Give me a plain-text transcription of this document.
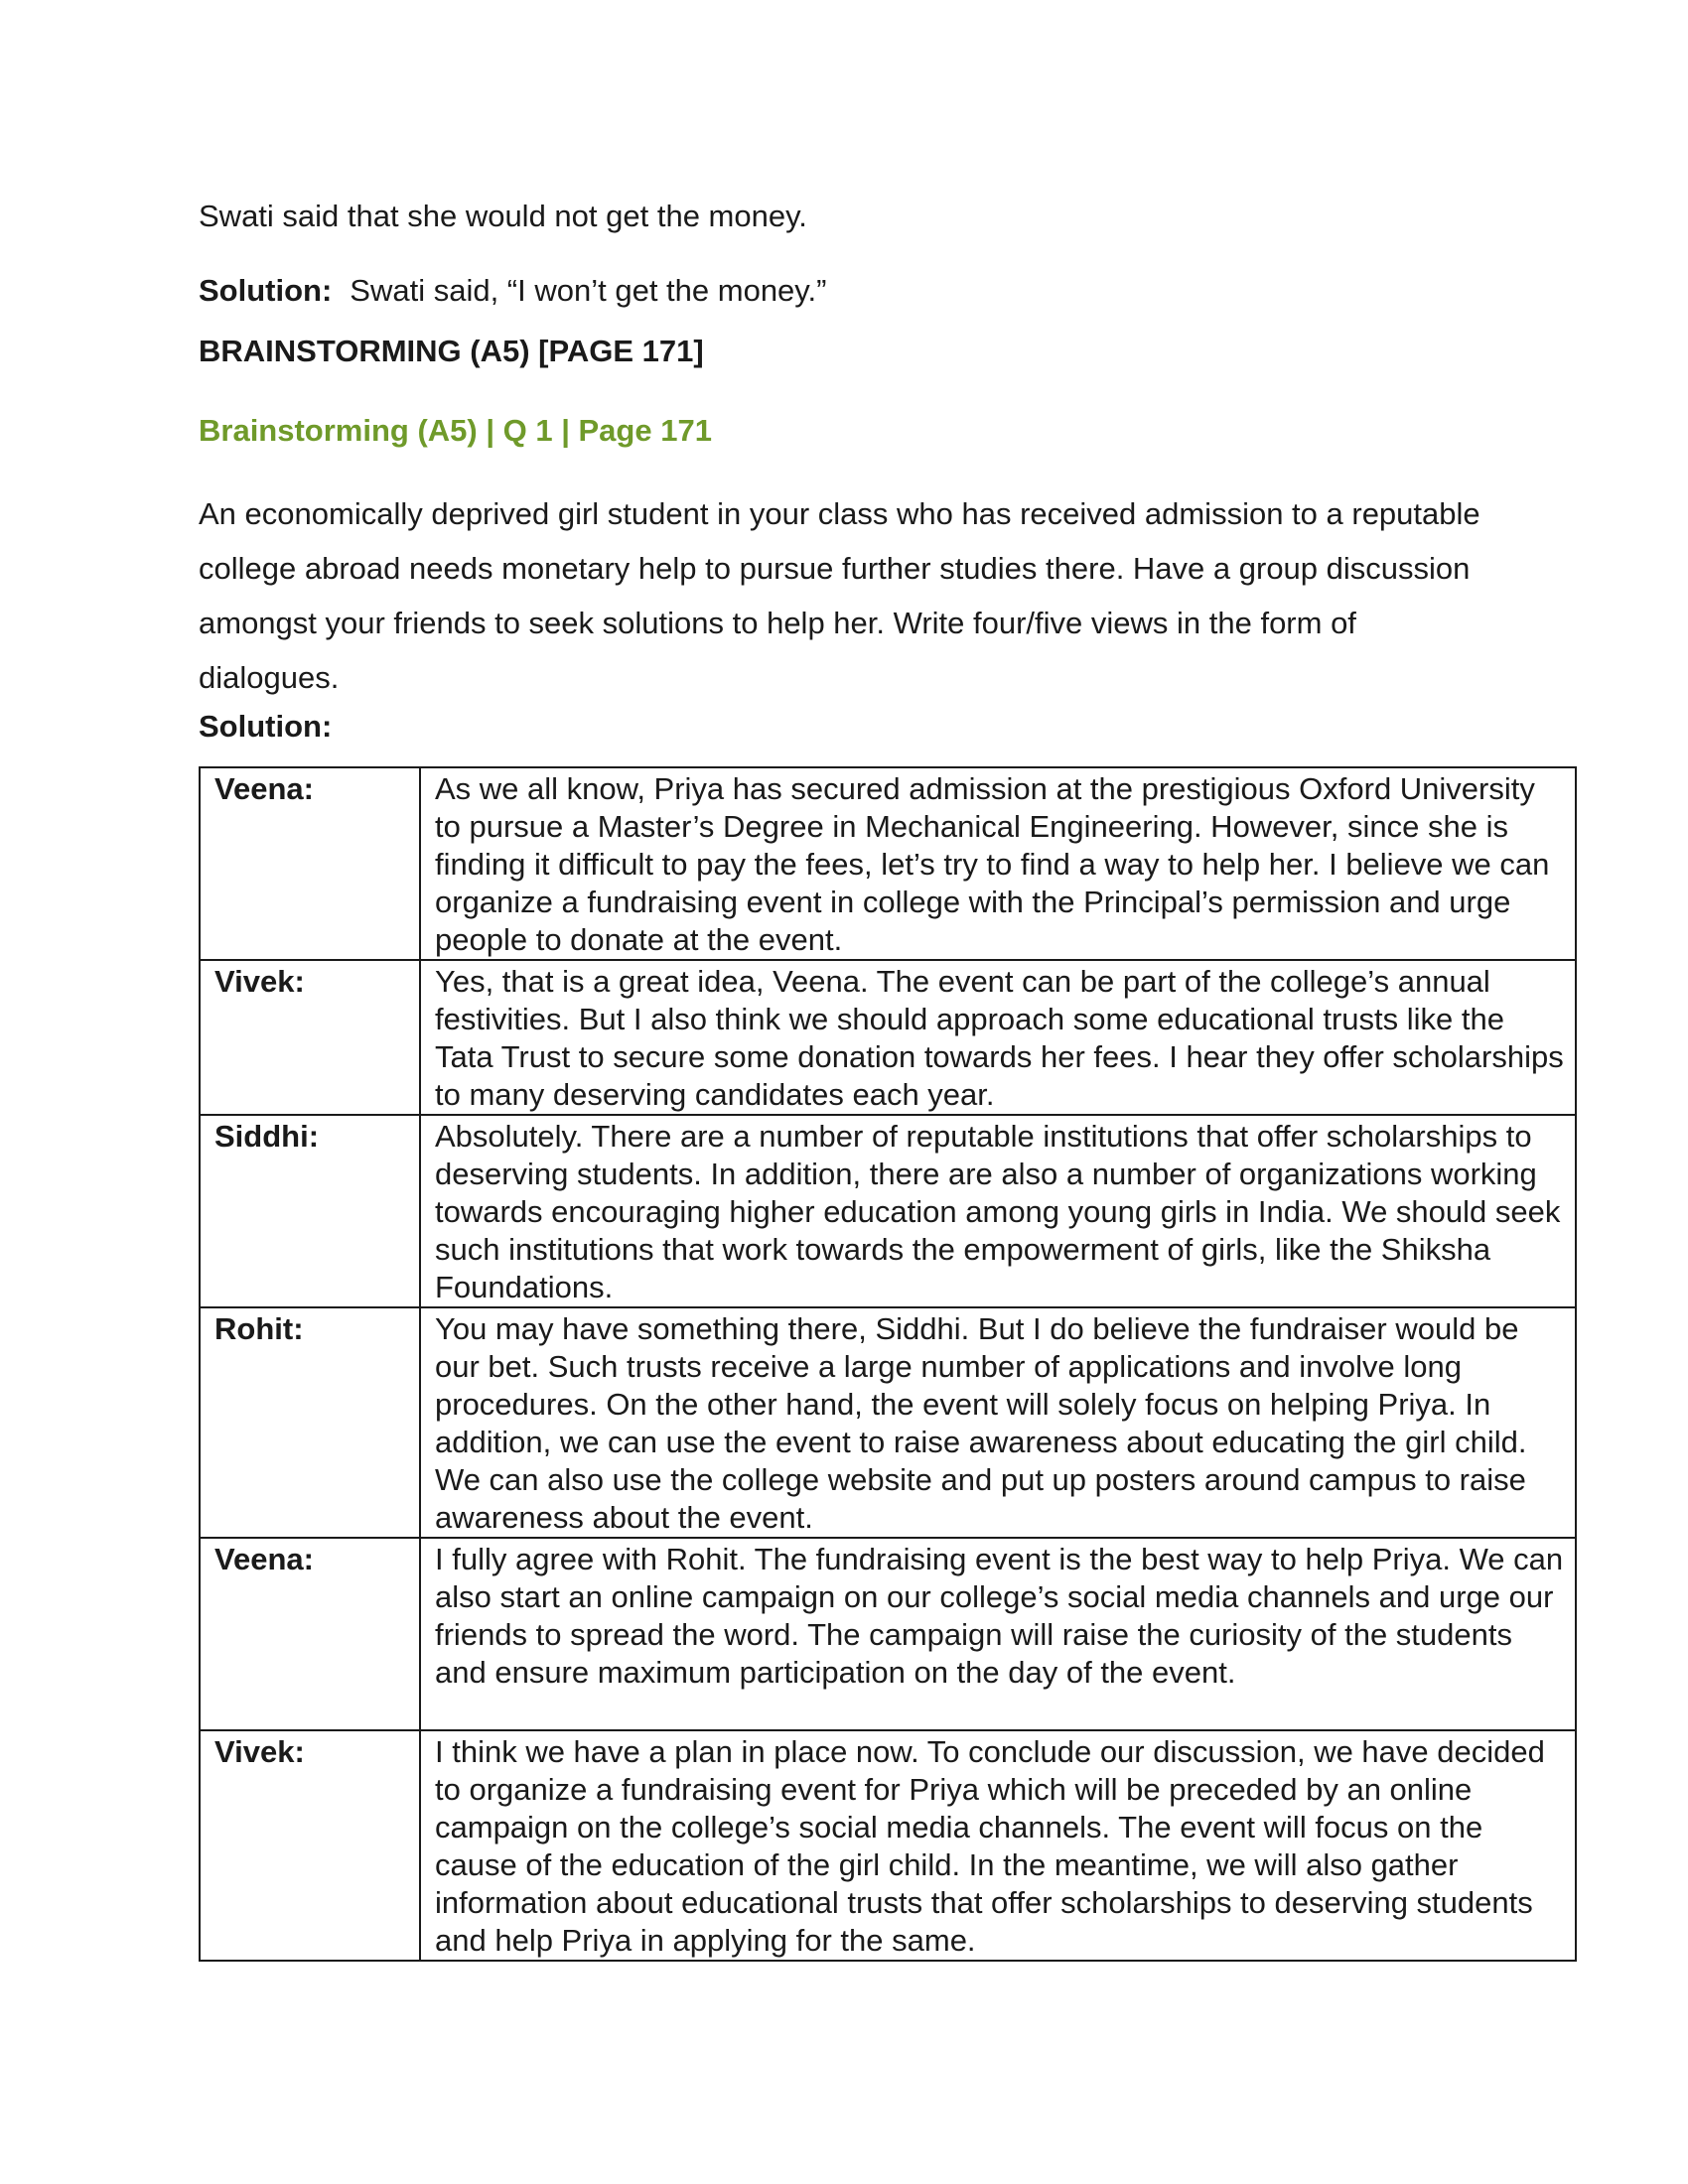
Swati said that she would not get the money.
Solution: Swati said, “I won’t get the money.”
BRAINSTORMING (A5) [PAGE 171]
Brainstorming (A5) | Q 1 | Page 171
An economically deprived girl student in your class who has received admission to a reputable college abroad needs monetary help to pursue further studies there. Have a group discussion amongst your friends to seek solutions to help her. Write four/five views in the form of dialogues.
Solution:
Veena:	As we all know, Priya has secured admission at the prestigious Oxford University to pursue a Master’s Degree in Mechanical Engineering. However, since she is finding it difficult to pay the fees, let’s try to find a way to help her. I believe we can organize a fundraising event in college with the Principal’s permission and urge people to donate at the event.
Vivek:	Yes, that is a great idea, Veena. The event can be part of the college’s annual festivities. But I also think we should approach some educational trusts like the Tata Trust to secure some donation towards her fees. I hear they offer scholarships to many deserving candidates each year.
Siddhi:	Absolutely. There are a number of reputable institutions that offer scholarships to deserving students. In addition, there are also a number of organizations working towards encouraging higher education among young girls in India. We should seek such institutions that work towards the empowerment of girls, like the Shiksha Foundations.
Rohit:	You may have something there, Siddhi. But I do believe the fundraiser would be our bet. Such trusts receive a large number of applications and involve long procedures. On the other hand, the event will solely focus on helping Priya. In addition, we can use the event to raise awareness about educating the girl child. We can also use the college website and put up posters around campus to raise awareness about the event.
Veena:	I fully agree with Rohit. The fundraising event is the best way to help Priya. We can also start an online campaign on our college’s social media channels and urge our friends to spread the word. The campaign will raise the curiosity of the students and ensure maximum participation on the day of the event.
Vivek:	I think we have a plan in place now. To conclude our discussion, we have decided to organize a fundraising event for Priya which will be preceded by an online campaign on the college’s social media channels. The event will focus on the cause of the education of the girl child. In the meantime, we will also gather information about educational trusts that offer scholarships to deserving students and help Priya in applying for the same.
